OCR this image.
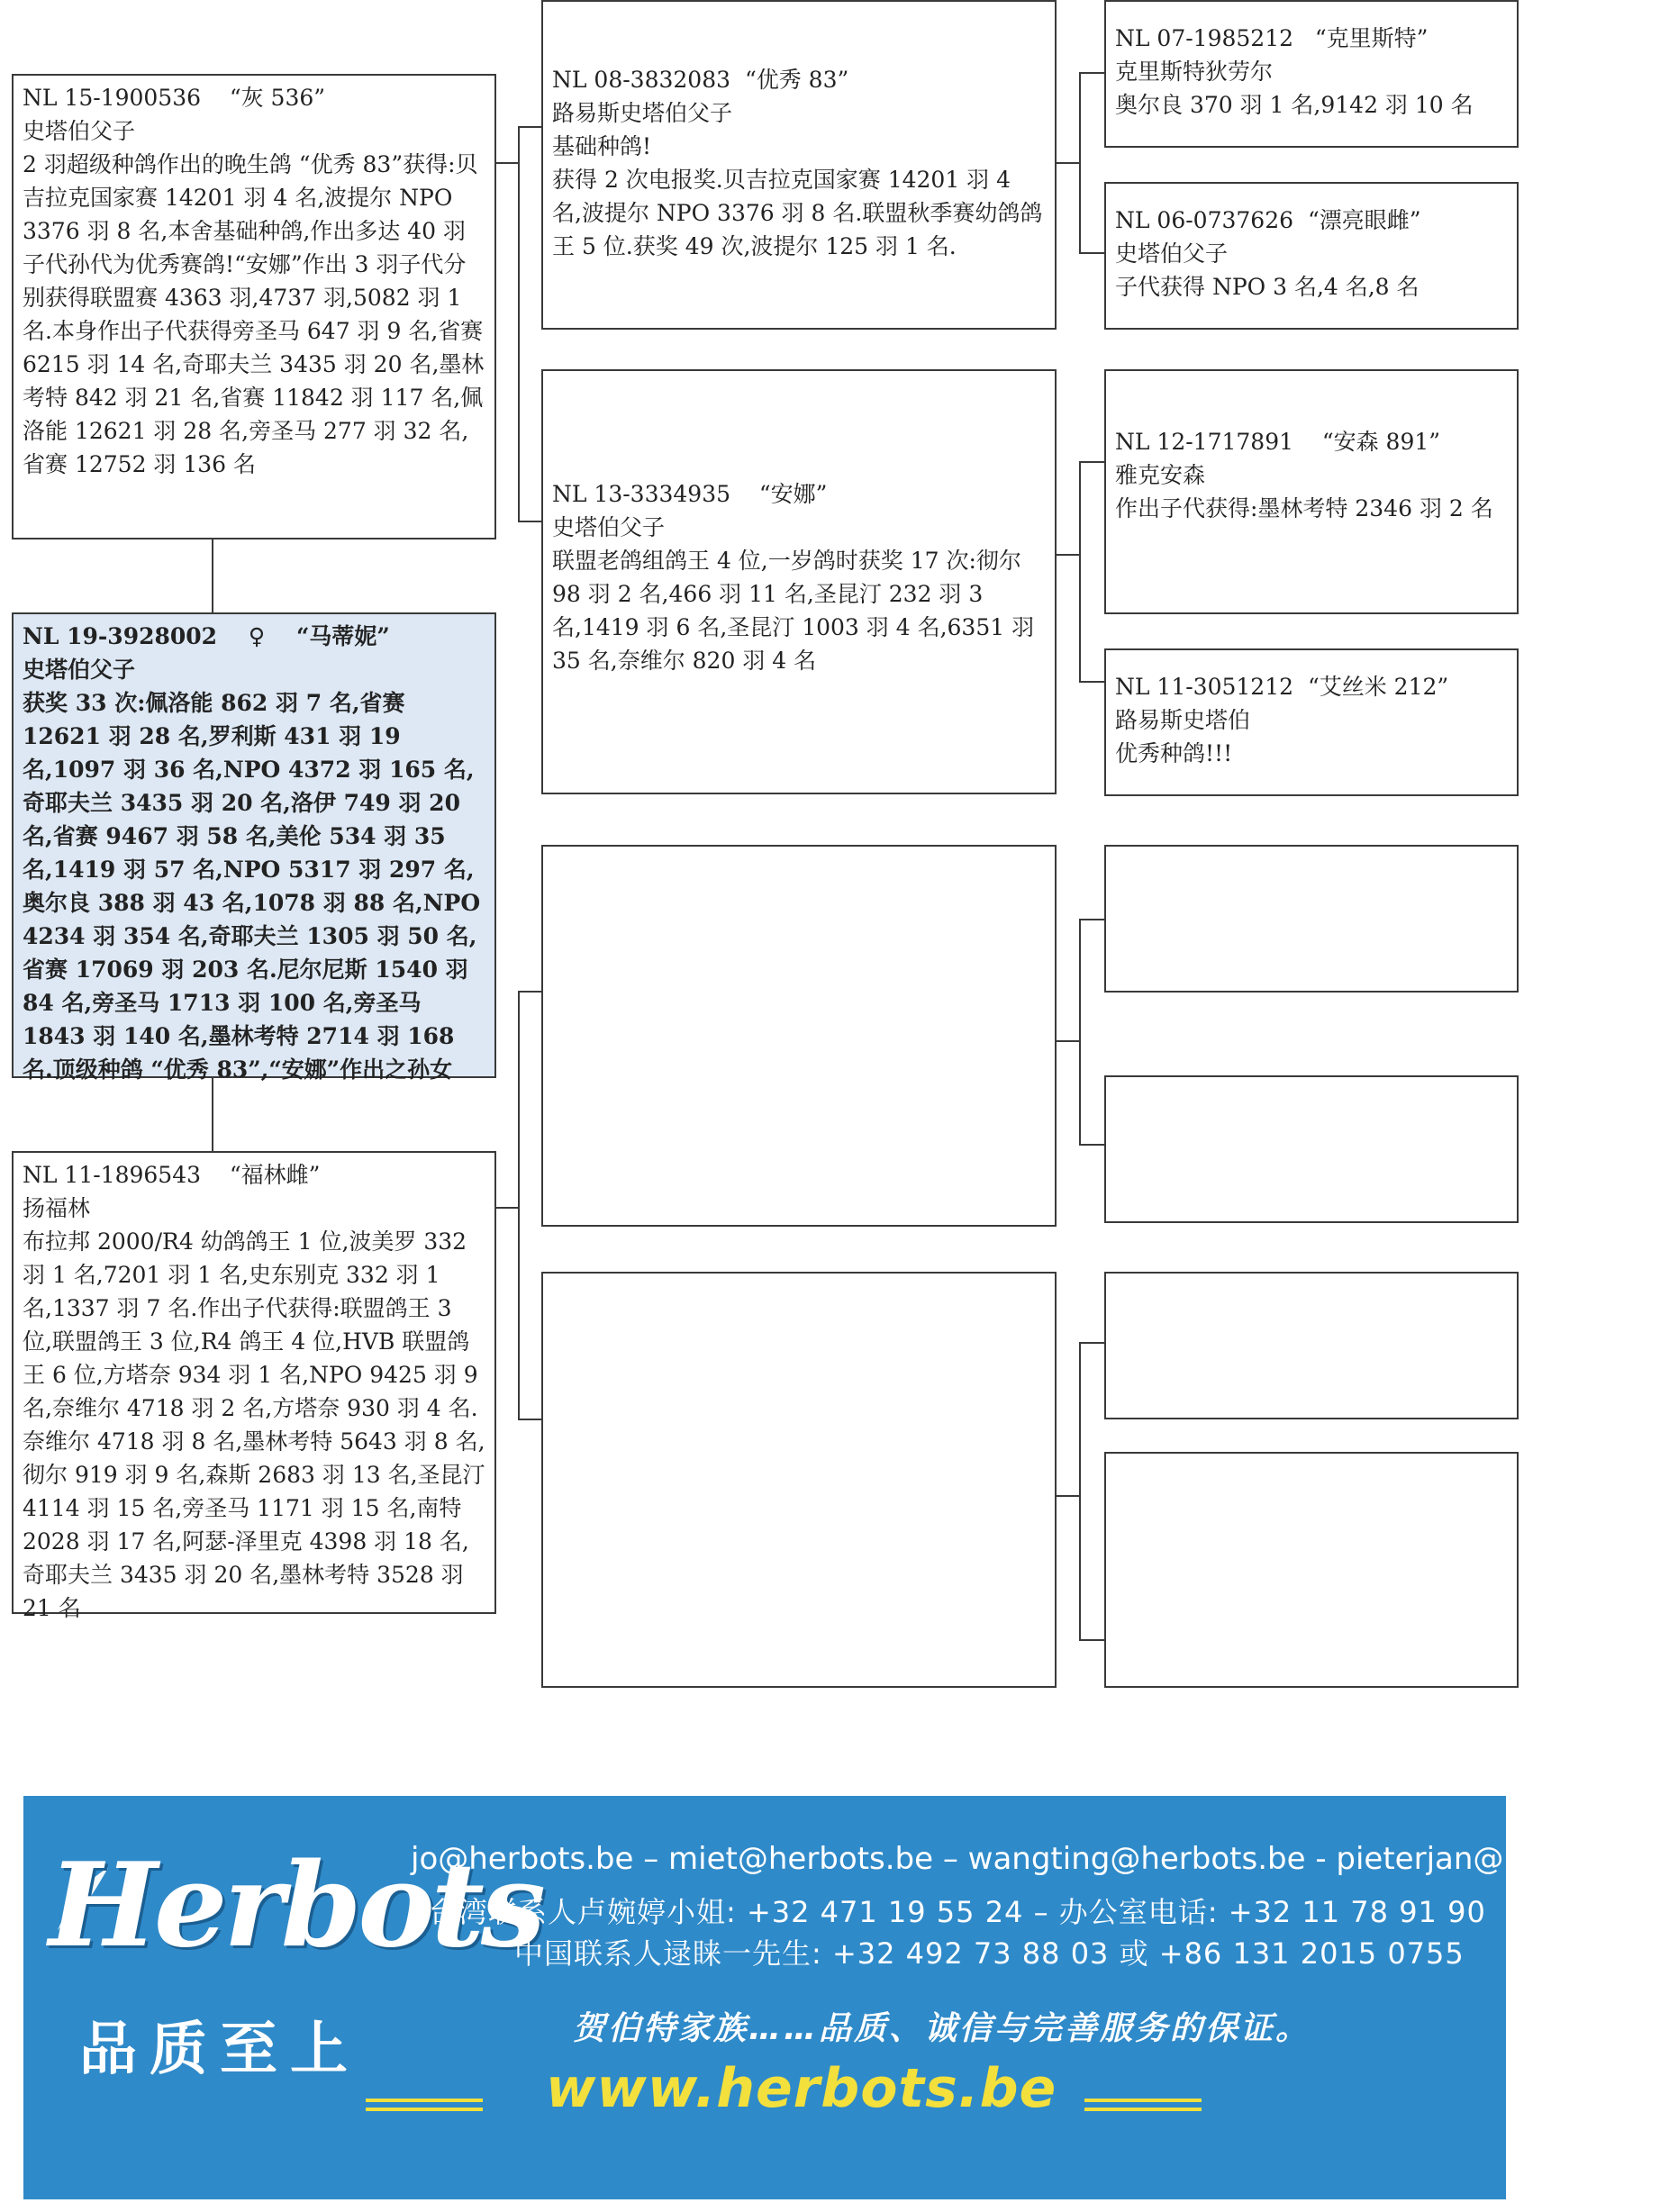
NL 15-1900536 “灰 536”
史塔伯父子
2 羽超级种鸽作出的晚生鸽 “优秀 83”获得:贝吉拉克国家赛 14201 羽 4 名,波提尔 NPO 3376 羽 8 名,本舍基础种鸽,作出多达 40 羽子代孙代为优秀赛鸽!“安娜”作出 3 羽子代分别获得联盟赛 4363 羽,4737 羽,5082 羽 1 名.本身作出子代获得旁圣马 647 羽 9 名,省赛 6215 羽 14 名,奇耶夫兰 3435 羽 20 名,墨林考特 842 羽 21 名,省赛 11842 羽 117 名,佩洛能 12621 羽 28 名,旁圣马 277 羽 32 名,省赛 12752 羽 136 名
NL 19-3928002 ♀ “马蒂妮”
史塔伯父子
获奖 33 次:佩洛能 862 羽 7 名,省赛 12621 羽 28 名,罗利斯 431 羽 19 名,1097 羽 36 名,NPO 4372 羽 165 名,奇耶夫兰 3435 羽 20 名,洛伊 749 羽 20 名,省赛 9467 羽 58 名,美伦 534 羽 35 名,1419 羽 57 名,NPO 5317 羽 297 名,奥尔良 388 羽 43 名,1078 羽 88 名,NPO 4234 羽 354 名,奇耶夫兰 1305 羽 50 名,省赛 17069 羽 203 名.尼尔尼斯 1540 羽 84 名,旁圣马 1713 羽 100 名,旁圣马 1843 羽 140 名,墨林考特 2714 羽 168 名.顶级种鸽 “优秀 83”,“安娜”作出之孙女
NL 11-1896543 “福林雌”
扬福林
布拉邦 2000/R4 幼鸽鸽王 1 位,波美罗 332 羽 1 名,7201 羽 1 名,史东别克 332 羽 1 名,1337 羽 7 名.作出子代获得:联盟鸽王 3 位,联盟鸽王 3 位,R4 鸽王 4 位,HVB 联盟鸽王 6 位,方塔奈 934 羽 1 名,NPO 9425 羽 9 名,奈维尔 4718 羽 2 名,方塔奈 930 羽 4 名.奈维尔 4718 羽 8 名,墨林考特 5643 羽 8 名,彻尔 919 羽 9 名,森斯 2683 羽 13 名,圣昆汀 4114 羽 15 名,旁圣马 1171 羽 15 名,南特 2028 羽 17 名,阿瑟-泽里克 4398 羽 18 名,奇耶夫兰 3435 羽 20 名,墨林考特 3528 羽 21 名
NL 08-3832083 “优秀 83”
路易斯史塔伯父子
基础种鸽!
获得 2 次电报奖.贝吉拉克国家赛 14201 羽 4 名,波提尔 NPO 3376 羽 8 名.联盟秋季赛幼鸽鸽王 5 位.获奖 49 次,波提尔 125 羽 1 名.
NL 13-3334935 “安娜”
史塔伯父子
联盟老鸽组鸽王 4 位,一岁鸽时获奖 17 次:彻尔 98 羽 2 名,466 羽 11 名,圣昆汀 232 羽 3 名,1419 羽 6 名,圣昆汀 1003 羽 4 名,6351 羽 35 名,奈维尔 820 羽 4 名
NL 07-1985212 “克里斯特”
克里斯特狄劳尔
奥尔良 370 羽 1 名,9142 羽 10 名
NL 06-0737626 “漂亮眼雌”
史塔伯父子
子代获得 NPO 3 名,4 名,8 名
NL 12-1717891 “安森 891”
雅克安森
作出子代获得:墨林考特 2346 羽 2 名
NL 11-3051212 “艾丝米 212”
路易斯史塔伯
优秀种鸽!!!
Herbots
品质至上
jo@herbots.be – miet@herbots.be – wangting@herbots.be - pieterjan@herbots.be
台湾联系人卢婉婷小姐: +32 471 19 55 24 – 办公室电话: +32 11 78 91 90
中国联系人逯睐一先生: +32 492 73 88 03 或 +86 131 2015 0755
贺伯特家族……品质、诚信与完善服务的保证。
www.herbots.be
